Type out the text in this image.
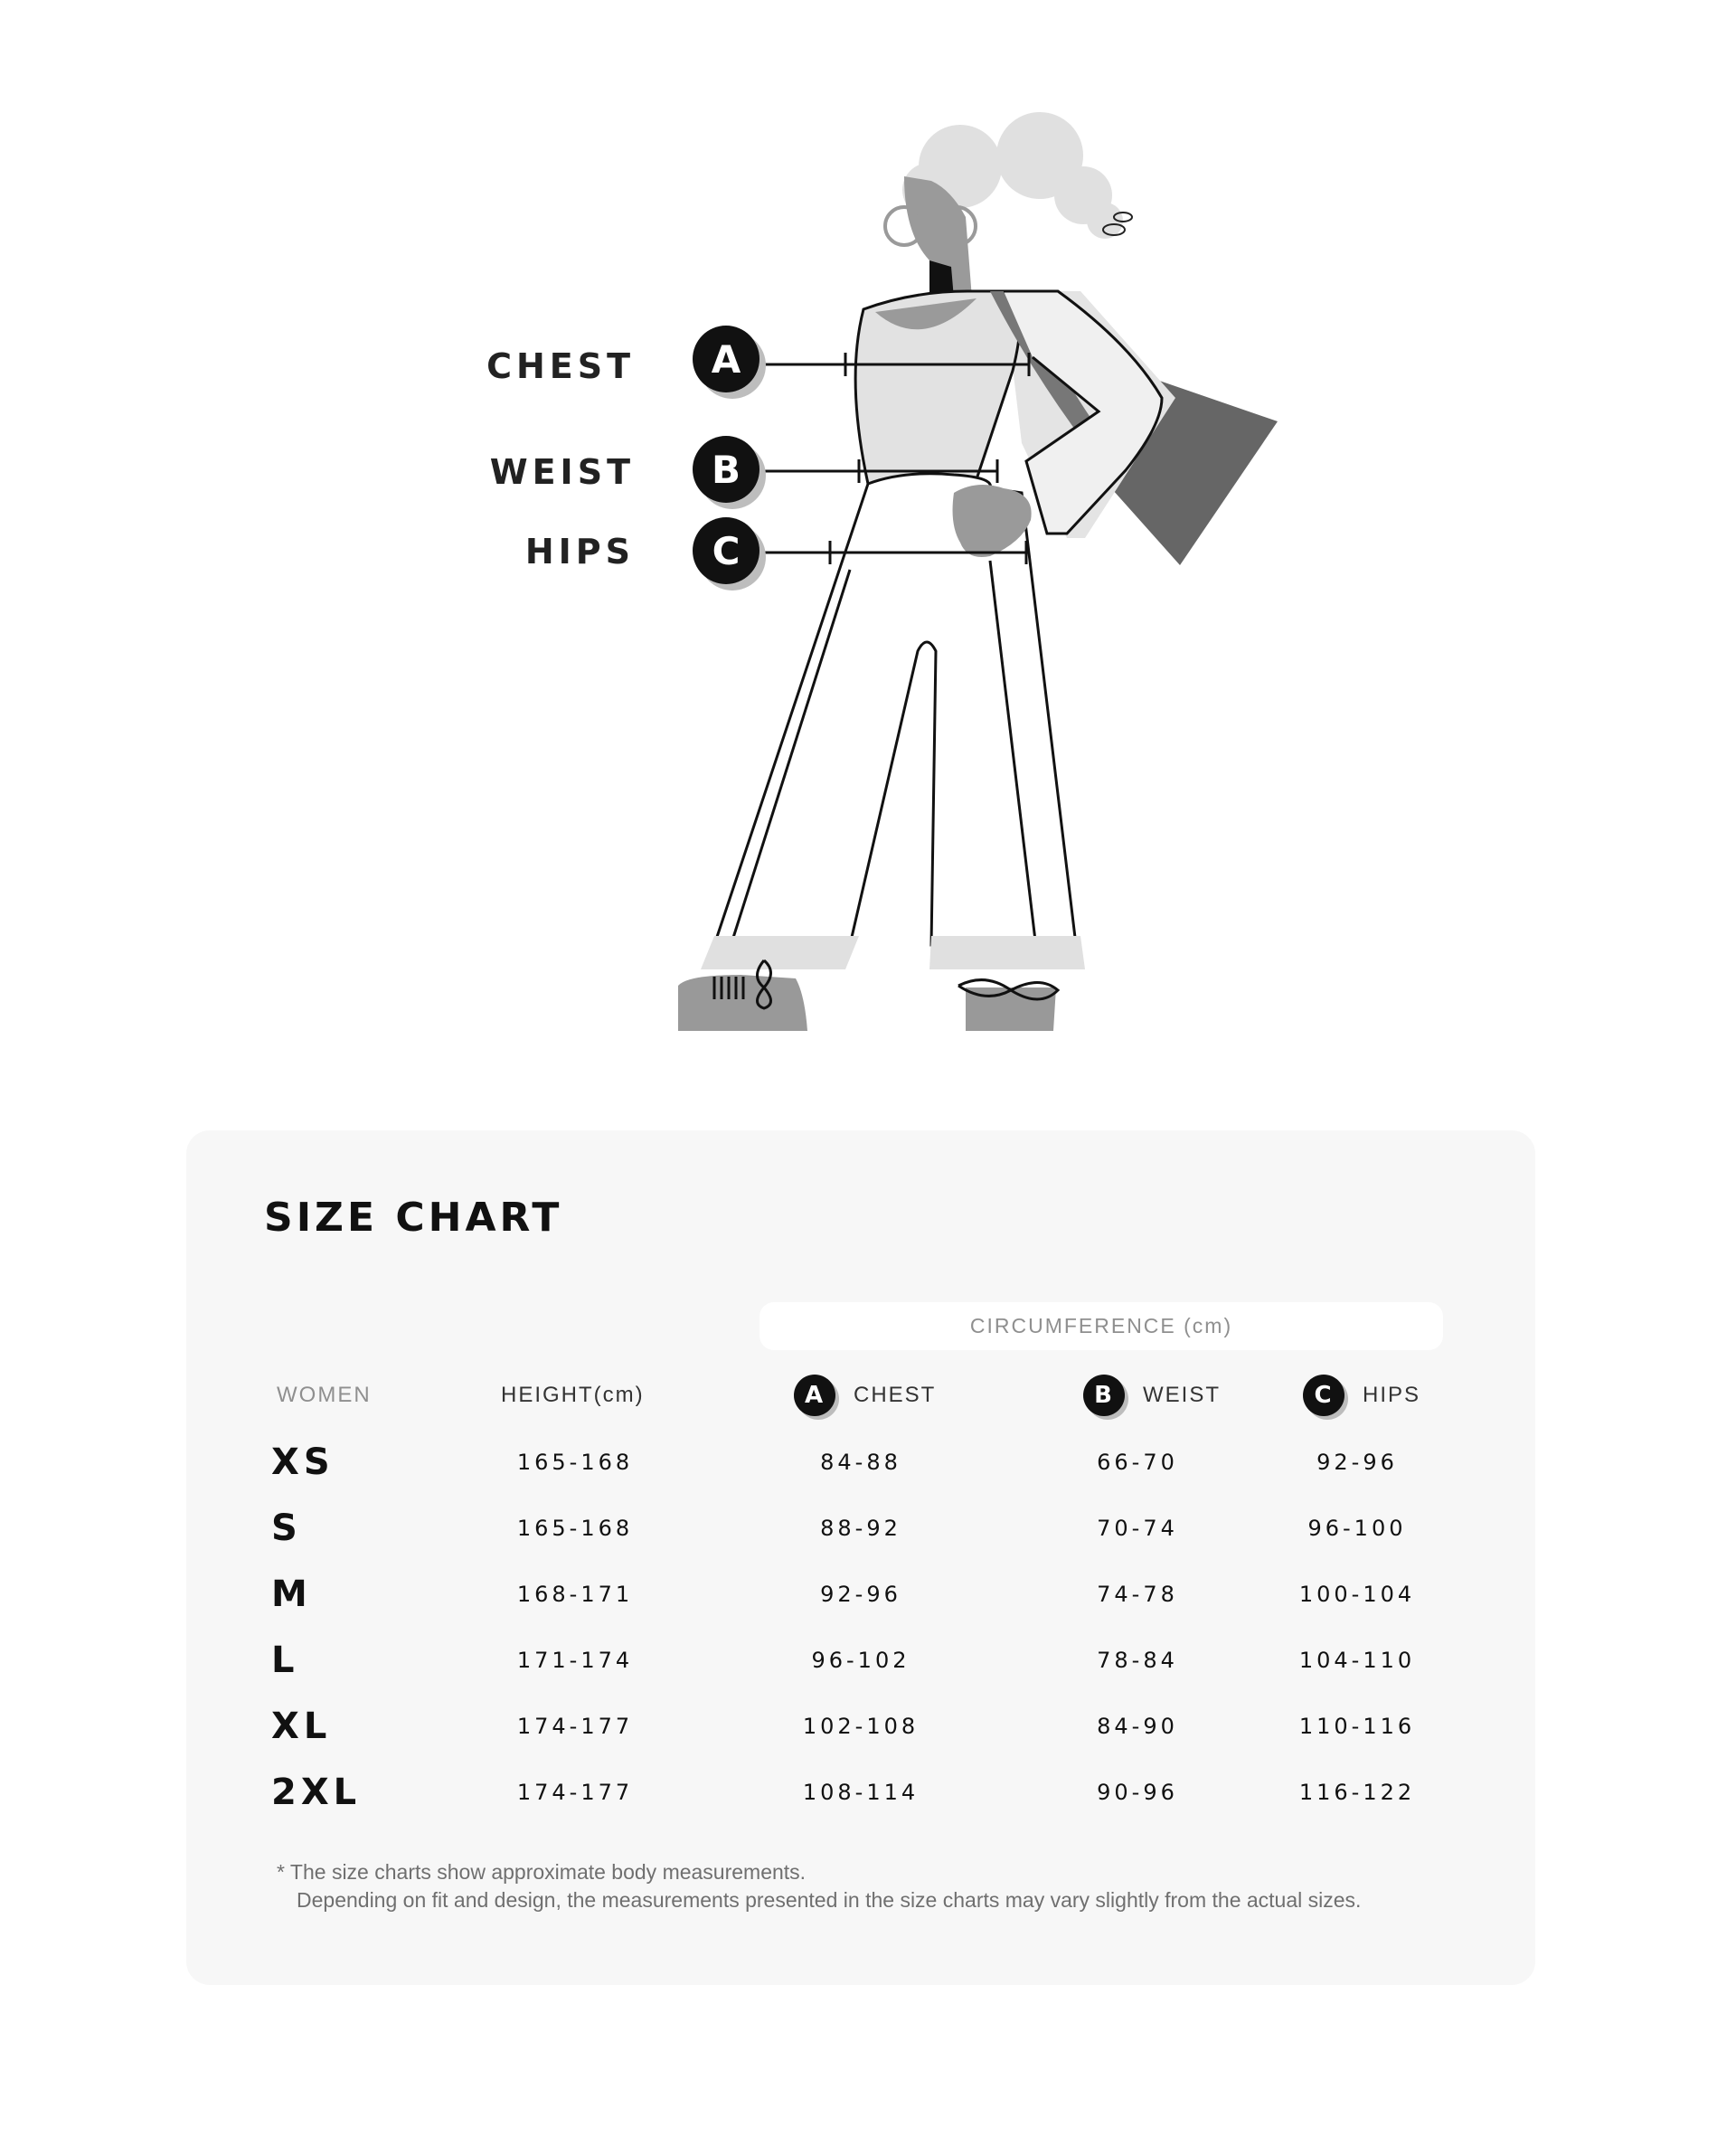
A
B
C
CHEST
WEIST
HIPS
SIZE CHART
CIRCUMFERENCE (cm)
WOMEN	HEIGHT(cm)	A	CHEST	B	WEIST	C	HIPS
XS	165-168	84-88	66-70	92-96
S	165-168	88-92	70-74	96-100
M	168-171	92-96	74-78	100-104
L	171-174	96-102	78-84	104-110
XL	174-177	102-108	84-90	110-116
2XL	174-177	108-114	90-96	116-122
* The size charts show approximate body measurements.
Depending on fit and design, the measurements presented in the size charts may vary slightly from the actual sizes.
